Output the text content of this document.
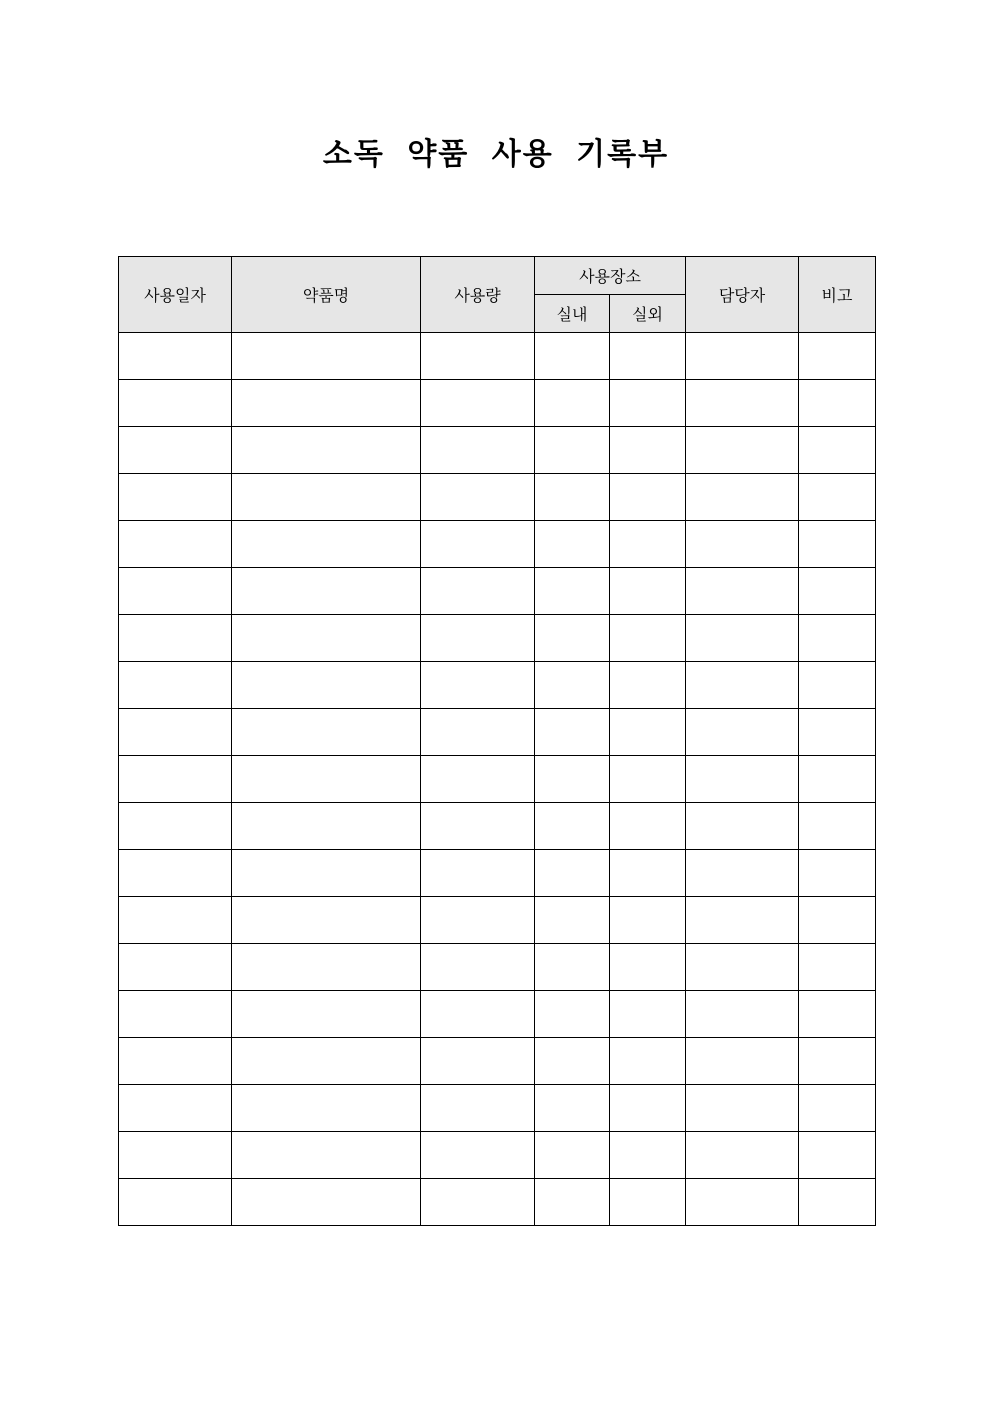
소독 약품 사용 기록부
사용일자	약품명	사용량	사용장소		담당자	비고
			실내	실외		
